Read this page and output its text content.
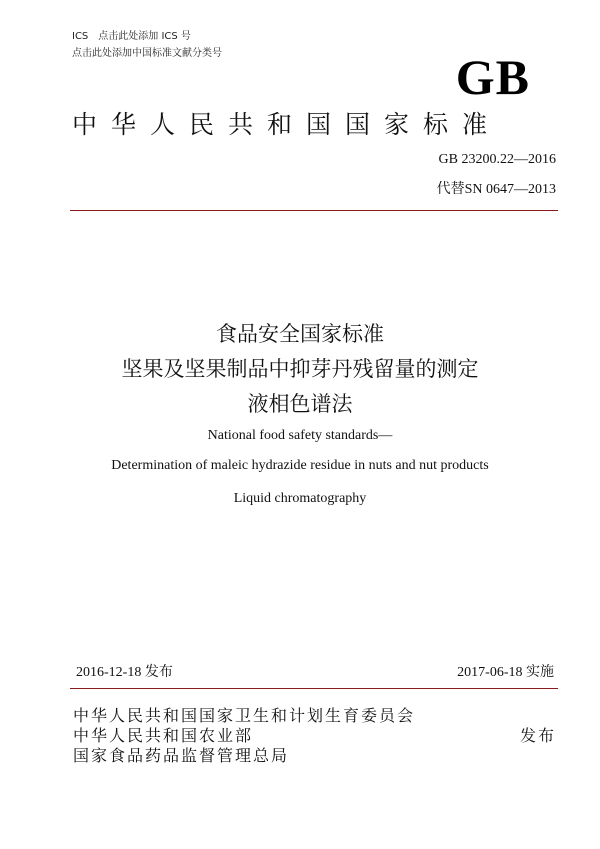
ICS　点击此处添加 ICS 号
点击此处添加中国标准文献分类号	GB
中华人民共和国国家标准
GB 23200.22—2016
代替SN 0647—2013
食品安全国家标准
坚果及坚果制品中抑芽丹残留量的测定
液相色谱法
National food safety standards—
Determination of maleic hydrazide residue in nuts and nut products
Liquid chromatography
2016-12-18 发布	2017-06-18 实施
中华人民共和国国家卫生和计划生育委员会
中华人民共和国农业部
国家食品药品监督管理总局
发布
